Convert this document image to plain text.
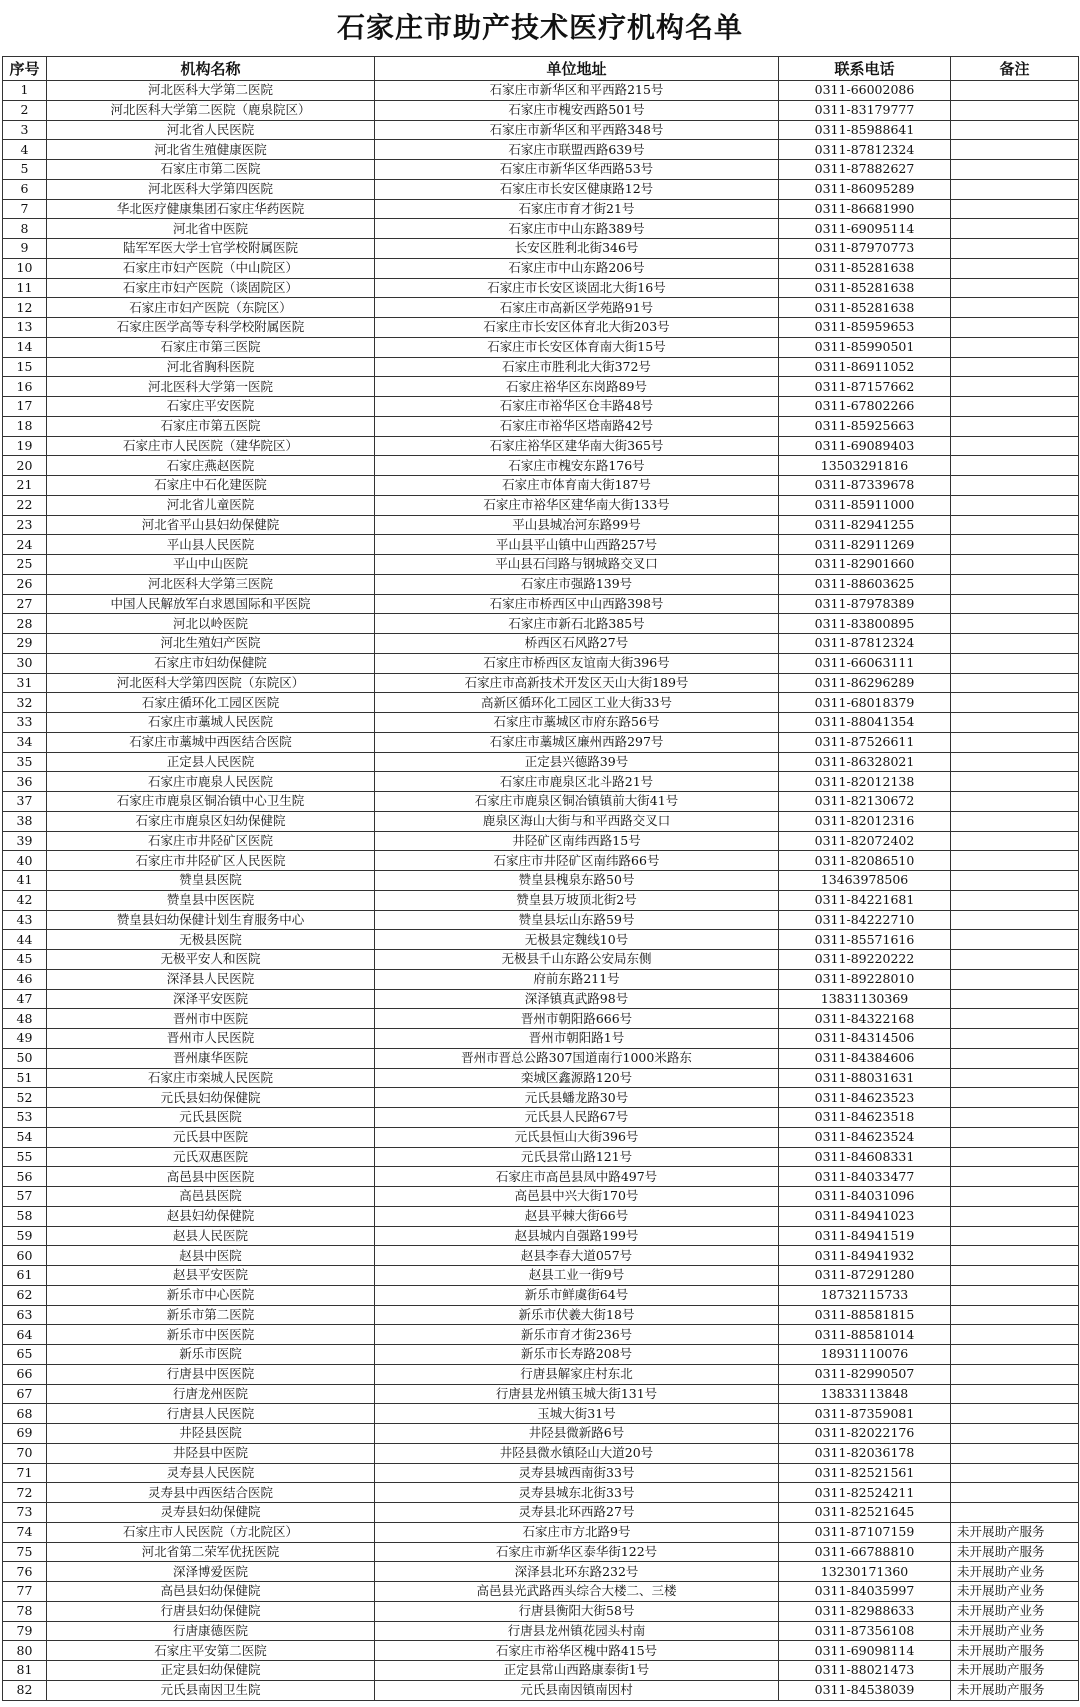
石家庄市助产技术医疗机构名单
序号	机构名称	单位地址	联系电话	备注
1	河北医科大学第二医院	石家庄市新华区和平西路215号	0311-66002086	
2	河北医科大学第二医院（鹿泉院区）	石家庄市槐安西路501号	0311-83179777	
3	河北省人民医院	石家庄市新华区和平西路348号	0311-85988641	
4	河北省生殖健康医院	石家庄市联盟西路639号	0311-87812324	
5	石家庄市第二医院	石家庄市新华区华西路53号	0311-87882627	
6	河北医科大学第四医院	石家庄市长安区健康路12号	0311-86095289	
7	华北医疗健康集团石家庄华药医院	石家庄市育才街21号	0311-86681990	
8	河北省中医院	石家庄市中山东路389号	0311-69095114	
9	陆军军医大学士官学校附属医院	长安区胜利北街346号	0311-87970773	
10	石家庄市妇产医院（中山院区）	石家庄市中山东路206号	0311-85281638	
11	石家庄市妇产医院（谈固院区）	石家庄市长安区谈固北大街16号	0311-85281638	
12	石家庄市妇产医院（东院区）	石家庄市高新区学苑路91号	0311-85281638	
13	石家庄医学高等专科学校附属医院	石家庄市长安区体育北大街203号	0311-85959653	
14	石家庄市第三医院	石家庄市长安区体育南大街15号	0311-85990501	
15	河北省胸科医院	石家庄市胜利北大街372号	0311-86911052	
16	河北医科大学第一医院	石家庄裕华区东岗路89号	0311-87157662	
17	石家庄平安医院	石家庄市裕华区仓丰路48号	0311-67802266	
18	石家庄市第五医院	石家庄市裕华区塔南路42号	0311-85925663	
19	石家庄市人民医院（建华院区）	石家庄裕华区建华南大街365号	0311-69089403	
20	石家庄燕赵医院	石家庄市槐安东路176号	13503291816	
21	石家庄中石化建医院	石家庄市体育南大街187号	0311-87339678	
22	河北省儿童医院	石家庄市裕华区建华南大街133号	0311-85911000	
23	河北省平山县妇幼保健院	平山县城冶河东路99号	0311-82941255	
24	平山县人民医院	平山县平山镇中山西路257号	0311-82911269	
25	平山中山医院	平山县石闫路与钢城路交叉口	0311-82901660	
26	河北医科大学第三医院	石家庄市强路139号	0311-88603625	
27	中国人民解放军白求恩国际和平医院	石家庄市桥西区中山西路398号	0311-87978389	
28	河北以岭医院	石家庄市新石北路385号	0311-83800895	
29	河北生殖妇产医院	桥西区石风路27号	0311-87812324	
30	石家庄市妇幼保健院	石家庄市桥西区友谊南大街396号	0311-66063111	
31	河北医科大学第四医院（东院区）	石家庄市高新技术开发区天山大街189号	0311-86296289	
32	石家庄循环化工园区医院	高新区循环化工园区工业大街33号	0311-68018379	
33	石家庄市藁城人民医院	石家庄市藁城区市府东路56号	0311-88041354	
34	石家庄市藁城中西医结合医院	石家庄市藁城区廉州西路297号	0311-87526611	
35	正定县人民医院	正定县兴德路39号	0311-86328021	
36	石家庄市鹿泉人民医院	石家庄市鹿泉区北斗路21号	0311-82012138	
37	石家庄市鹿泉区铜冶镇中心卫生院	石家庄市鹿泉区铜冶镇镇前大街41号	0311-82130672	
38	石家庄市鹿泉区妇幼保健院	鹿泉区海山大街与和平西路交叉口	0311-82012316	
39	石家庄市井陉矿区医院	井陉矿区南纬西路15号	0311-82072402	
40	石家庄市井陉矿区人民医院	石家庄市井陉矿区南纬路66号	0311-82086510	
41	赞皇县医院	赞皇县槐泉东路50号	13463978506	
42	赞皇县中医医院	赞皇县万坡顶北街2号	0311-84221681	
43	赞皇县妇幼保健计划生育服务中心	赞皇县坛山东路59号	0311-84222710	
44	无极县医院	无极县定魏线10号	0311-85571616	
45	无极平安人和医院	无极县千山东路公安局东侧	0311-89220222	
46	深泽县人民医院	府前东路211号	0311-89228010	
47	深泽平安医院	深泽镇真武路98号	13831130369	
48	晋州市中医院	晋州市朝阳路666号	0311-84322168	
49	晋州市人民医院	晋州市朝阳路1号	0311-84314506	
50	晋州康华医院	晋州市晋总公路307国道南行1000米路东	0311-84384606	
51	石家庄市栾城人民医院	栾城区鑫源路120号	0311-88031631	
52	元氏县妇幼保健院	元氏县蟠龙路30号	0311-84623523	
53	元氏县医院	元氏县人民路67号	0311-84623518	
54	元氏县中医院	元氏县恒山大街396号	0311-84623524	
55	元氏双惠医院	元氏县常山路121号	0311-84608331	
56	高邑县中医医院	石家庄市高邑县凤中路497号	0311-84033477	
57	高邑县医院	高邑县中兴大街170号	0311-84031096	
58	赵县妇幼保健院	赵县平棘大街66号	0311-84941023	
59	赵县人民医院	赵县城内自强路199号	0311-84941519	
60	赵县中医院	赵县李春大道057号	0311-84941932	
61	赵县平安医院	赵县工业一街9号	0311-87291280	
62	新乐市中心医院	新乐市鲜虞街64号	18732115733	
63	新乐市第二医院	新乐市伏羲大街18号	0311-88581815	
64	新乐市中医医院	新乐市育才街236号	0311-88581014	
65	新乐市医院	新乐市长寿路208号	18931110076	
66	行唐县中医医院	行唐县解家庄村东北	0311-82990507	
67	行唐龙州医院	行唐县龙州镇玉城大街131号	13833113848	
68	行唐县人民医院	玉城大街31号	0311-87359081	
69	井陉县医院	井陉县微新路6号	0311-82022176	
70	井陉县中医院	井陉县微水镇陉山大道20号	0311-82036178	
71	灵寿县人民医院	灵寿县城西南街33号	0311-82521561	
72	灵寿县中西医结合医院	灵寿县城东北街33号	0311-82524211	
73	灵寿县妇幼保健院	灵寿县北环西路27号	0311-82521645	
74	石家庄市人民医院（方北院区）	石家庄市方北路9号	0311-87107159	未开展助产服务
75	河北省第二荣军优抚医院	石家庄市新华区泰华街122号	0311-66788810	未开展助产服务
76	深泽博爱医院	深泽县北环东路232号	13230171360	未开展助产业务
77	高邑县妇幼保健院	高邑县光武路西头综合大楼二、三楼	0311-84035997	未开展助产业务
78	行唐县妇幼保健院	行唐县衡阳大街58号	0311-82988633	未开展助产业务
79	行唐康德医院	行唐县龙州镇花园头村南	0311-87356108	未开展助产业务
80	石家庄平安第二医院	石家庄市裕华区槐中路415号	0311-69098114	未开展助产服务
81	正定县妇幼保健院	正定县常山西路康泰街1号	0311-88021473	未开展助产服务
82	元氏县南因卫生院	元氏县南因镇南因村	0311-84538039	未开展助产服务
